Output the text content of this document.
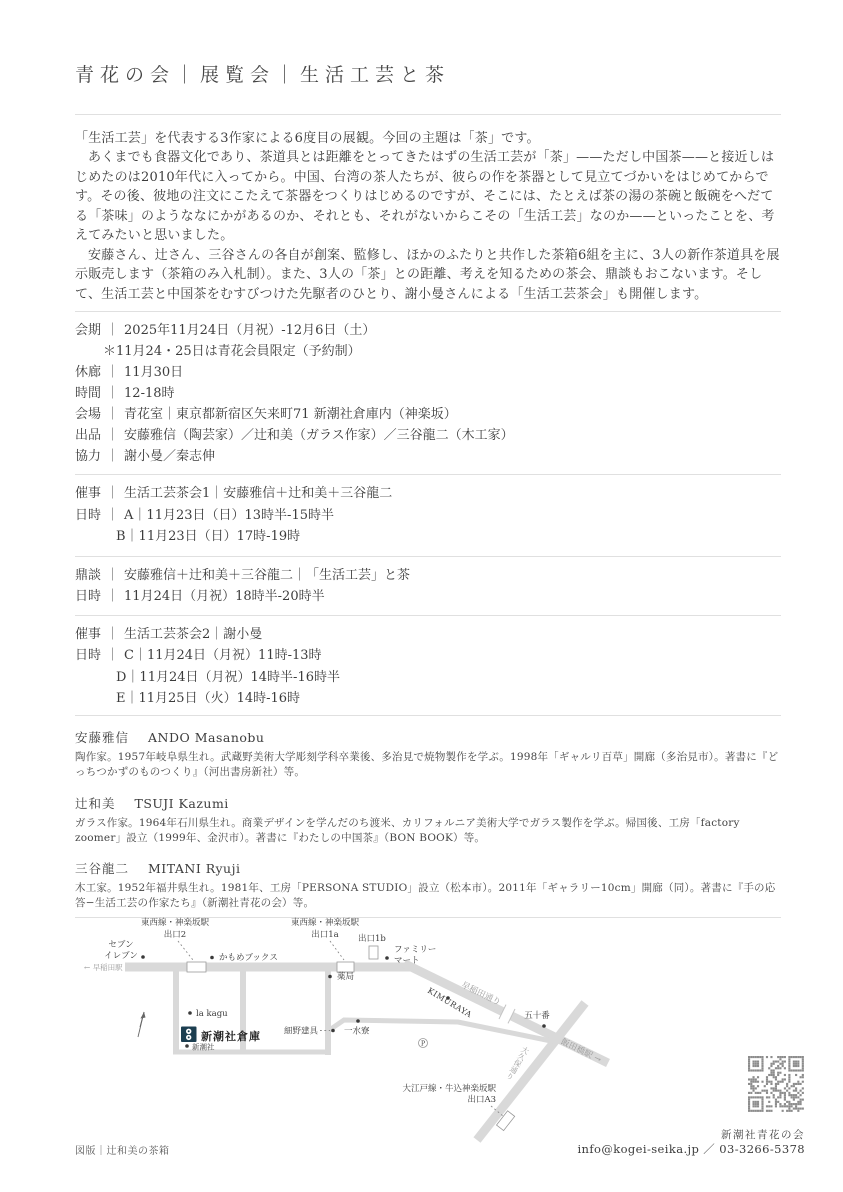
青花の会｜展覧会｜生活工芸と茶

「生活工芸」を代表する3作家による6度目の展観。今回の主題は「茶」です。

あくまでも食器文化であり、茶道具とは距離をとってきたはずの生活工芸が「茶」——ただし中国茶——と接近しはじめたのは2010年代に入ってから。中国、台湾の茶人たちが、彼らの作を茶器として見立てづかいをはじめてからです。その後、彼地の注文にこたえて茶器をつくりはじめるのですが、そこには、たとえば茶の湯の茶碗と飯碗をへだてる「茶味」のようななにかがあるのか、それとも、それがないからこその「生活工芸」なのか——といったことを、考えてみたいと思いました。

安藤さん、辻さん、三谷さんの各自が創案、監修し、ほかのふたりと共作した茶箱6組を主に、3人の新作茶道具を展示販売します（茶箱のみ入札制）。また、3人の「茶」との距離、考えを知るための茶会、鼎談もおこないます。そして、生活工芸と中国茶をむすびつけた先駆者のひとり、謝小曼さんによる「生活工芸茶会」も開催します。

会期 ｜ 2025年11月24日（月祝）-12月6日（土）
＊11月24・25日は青花会員限定（予約制）
休廊 ｜ 11月30日
時間 ｜ 12-18時
会場 ｜ 青花室｜東京都新宿区矢来町71 新潮社倉庫内（神楽坂）
出品 ｜ 安藤雅信（陶芸家）／辻和美（ガラス作家）／三谷龍二（木工家）
協力 ｜ 謝小曼／秦志伸
催事 ｜ 生活工芸茶会1｜安藤雅信＋辻和美＋三谷龍二
日時 ｜ A｜11月23日（日）13時半-15時半
B｜11月23日（日）17時-19時
鼎談 ｜ 安藤雅信＋辻和美＋三谷龍二｜「生活工芸」と茶
日時 ｜ 11月24日（月祝）18時半-20時半
催事 ｜ 生活工芸茶会2｜謝小曼
日時 ｜ C｜11月24日（月祝）11時-13時
D｜11月24日（月祝）14時半-16時半
E｜11月25日（火）14時-16時
安藤雅信 ANDO Masanobu

陶作家。1957年岐阜県生れ。武蔵野美術大学彫刻学科卒業後、多治見で焼物製作を学ぶ。1998年「ギャルリ百草」開廊（多治見市）。著書に『どっちつかずのものつくり』（河出書房新社）等。

辻和美 TSUJI Kazumi

ガラス作家。1964年石川県生れ。商業デザインを学んだのち渡米、カリフォルニア美術大学でガラス製作を学ぶ。帰国後、工房「factory zoomer」設立（1999年、金沢市）。著書に『わたしの中国茶』（BON BOOK）等。

三谷龍二 MITANI Ryuji

木工家。1952年福井県生れ。1981年、工房「PERSONA STUDIO」設立（松本市）。2011年「ギャラリー10cm」開廊（同）。著書に『手の応答−生活工芸の作家たち』（新潮社青花の会）等。

P
東西線・神楽坂駅
出口2
東西線・神楽坂駅
出口1a 出口1b
セブン
イレブン
← 早稲田駅
かもめブックス
ファミリー
マート
薬局
KIMURAYA
早稲田通り
五十番
飯田橋駅 →
大久保通り
細野建具	一水寮
大江戸線・牛込神楽坂駅
出口A3
la kagu
新潮社倉庫
新潮社
新潮社青花の会
info@kogei-seika.jp ／ 03-3266-5378
図版｜辻和美の茶箱
